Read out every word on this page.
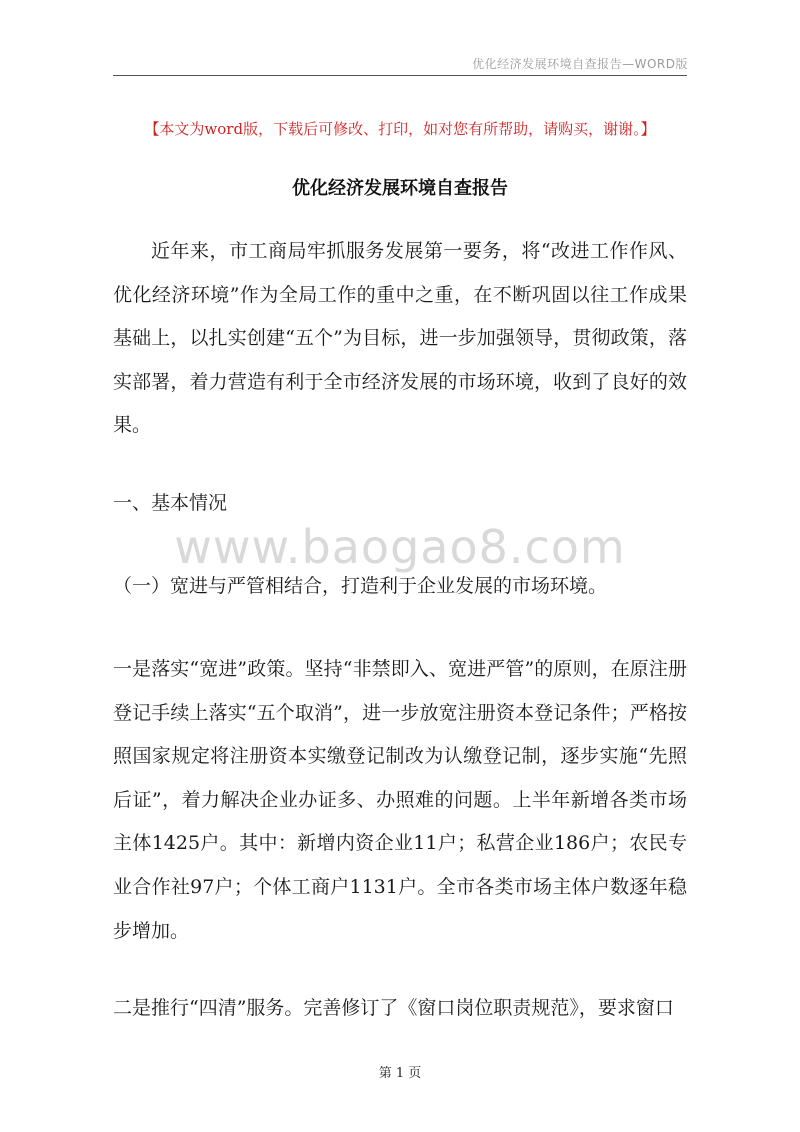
优化经济发展环境自查报告—WORD版
【本文为word版，下载后可修改、打印，如对您有所帮助，请购买，谢谢。】
优化经济发展环境自查报告

近年来，市工商局牢抓服务发展第一要务，将“改进工作作风、优化经济环境”作为全局工作的重中之重，在不断巩固以往工作成果基础上，以扎实创建“五个”为目标，进一步加强领导，贯彻政策，落实部署，着力营造有利于全市经济发展的市场环境，收到了良好的效果。

一、基本情况

www.baogao8.com

（一）宽进与严管相结合，打造利于企业发展的市场环境。

一是落实“宽进”政策。坚持“非禁即入、宽进严管”的原则，在原注册登记手续上落实“五个取消”，进一步放宽注册资本登记条件；严格按照国家规定将注册资本实缴登记制改为认缴登记制，逐步实施“先照后证”，着力解决企业办证多、办照难的问题。上半年新增各类市场主体1425户。其中：新增内资企业11户；私营企业186户；农民专业合作社97户；个体工商户1131户。全市各类市场主体户数逐年稳步增加。

二是推行“四清”服务。完善修订了《窗口岗位职责规范》，要求窗口

第 1 页
